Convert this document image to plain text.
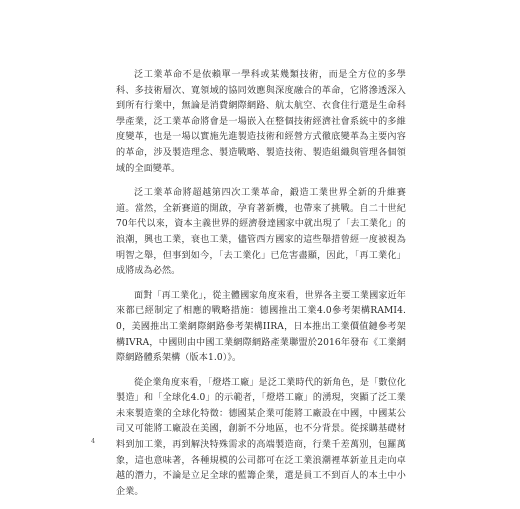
泛工業革命不是依賴單一學科或某幾類技術，而是全方位的多學科、多技術層次、寬領域的協同效應與深度融合的革命，它將滲透深入到所有行業中，無論是消費網際網路、航太航空、衣食住行還是生命科學產業，泛工業革命將會是一場嵌入在整個技術經濟社會系統中的多維度變革，也是一場以實施先進製造技術和經營方式徹底變革為主要內容的革命，涉及製造理念、製造戰略、製造技術、製造組織與管理各個領域的全面變革。

泛工業革命將超越第四次工業革命，鍛造工業世界全新的升維賽道。當然，全新賽道的開啟，孕育著新機，也帶來了挑戰。自二十世紀70年代以來，資本主義世界的經濟發達國家中就出現了「去工業化」的浪潮，興也工業，衰也工業，儘管西方國家的這些舉措曾經一度被視為明智之舉，但事到如今，「去工業化」已危害盡顯，因此，「再工業化」成將成為必然。

面對「再工業化」，從主體國家角度來看，世界各主要工業國家近年來都已經制定了相應的戰略措施：德國推出工業4.0參考架構RAMI4.0，美國推出工業網際網路參考架構IIRA，日本推出工業價值鏈參考架構IVRA，中國則由中國工業網際網路產業聯盟於2016年發布《工業網際網路體系架構（版本1.0）》。

從企業角度來看，「燈塔工廠」是泛工業時代的新角色，是「數位化製造」和「全球化4.0」的示範者，「燈塔工廠」的湧現，突顯了泛工業未來製造業的全球化特徵：德國某企業可能將工廠設在中國，中國某公司又可能將工廠設在美國，創新不分地區，也不分背景。從採購基礎材料到加工業，再到解決特殊需求的高端製造商，行業千差萬別，包羅萬象，這也意味著，各種規模的公司都可在泛工業浪潮裡革新並且走向卓越的潛力，不論是立足全球的藍籌企業，還是員工不到百人的本土中小企業。

4
